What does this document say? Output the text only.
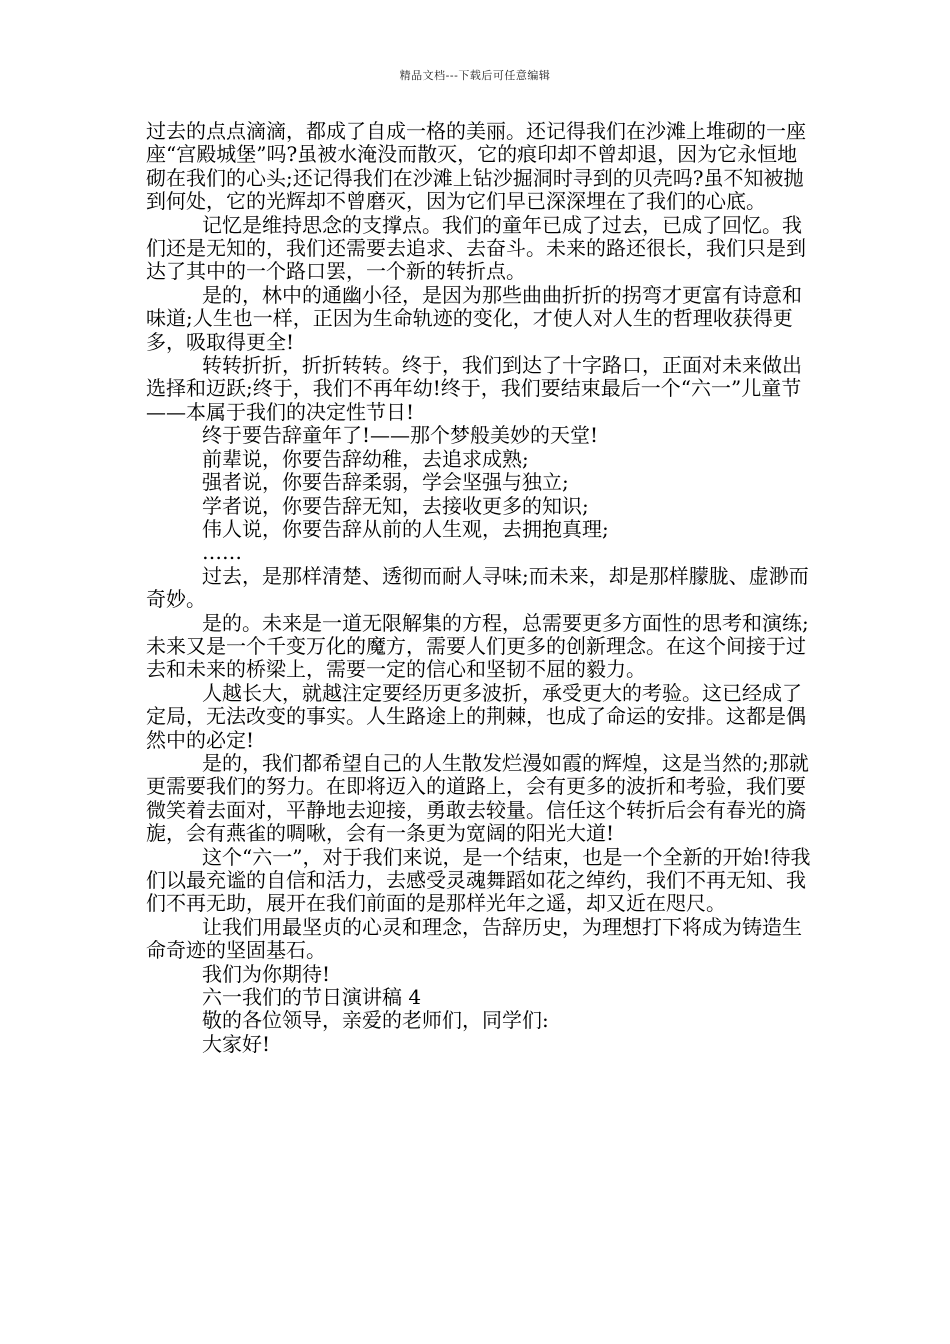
精品文档---下载后可任意编辑

过去的点点滴滴，都成了自成一格的美丽。还记得我们在沙滩上堆砌的一座座“宫殿城堡”吗?虽被水淹没而散灭，它的痕印却不曾却退，因为它永恒地砌在我们的心头;还记得我们在沙滩上钻沙掘洞时寻到的贝壳吗?虽不知被抛到何处，它的光辉却不曾磨灭，因为它们早已深深埋在了我们的心底。

记忆是维持思念的支撑点。我们的童年已成了过去，已成了回忆。我们还是无知的，我们还需要去追求、去奋斗。未来的路还很长，我们只是到达了其中的一个路口罢，一个新的转折点。

是的，林中的通幽小径，是因为那些曲曲折折的拐弯才更富有诗意和味道;人生也一样，正因为生命轨迹的变化，才使人对人生的哲理收获得更多，吸取得更全!

转转折折，折折转转。终于，我们到达了十字路口，正面对未来做出选择和迈跃;终于，我们不再年幼!终于，我们要结束最后一个“六一”儿童节——本属于我们的决定性节日!

终于要告辞童年了!——那个梦般美妙的天堂!

前辈说，你要告辞幼稚，去追求成熟;

强者说，你要告辞柔弱，学会坚强与独立;

学者说，你要告辞无知，去接收更多的知识;

伟人说，你要告辞从前的人生观，去拥抱真理;

……

过去，是那样清楚、透彻而耐人寻味;而未来，却是那样朦胧、虚渺而奇妙。

是的。未来是一道无限解集的方程，总需要更多方面性的思考和演练;未来又是一个千变万化的魔方，需要人们更多的创新理念。在这个间接于过去和未来的桥梁上，需要一定的信心和坚韧不屈的毅力。

人越长大，就越注定要经历更多波折，承受更大的考验。这已经成了定局，无法改变的事实。人生路途上的荆棘，也成了命运的安排。这都是偶然中的必定!

是的，我们都希望自己的人生散发烂漫如霞的辉煌，这是当然的;那就更需要我们的努力。在即将迈入的道路上，会有更多的波折和考验，我们要微笑着去面对，平静地去迎接，勇敢去较量。信任这个转折后会有春光的旖旎，会有燕雀的啁啾，会有一条更为宽阔的阳光大道!

这个“六一”，对于我们来说，是一个结束，也是一个全新的开始!待我们以最充谧的自信和活力，去感受灵魂舞蹈如花之绰约，我们不再无知、我们不再无助，展开在我们前面的是那样光年之遥，却又近在咫尺。

让我们用最坚贞的心灵和理念，告辞历史，为理想打下将成为铸造生命奇迹的坚固基石。

我们为你期待!

六一我们的节日演讲稿 4

敬的各位领导，亲爱的老师们，同学们:

大家好!
